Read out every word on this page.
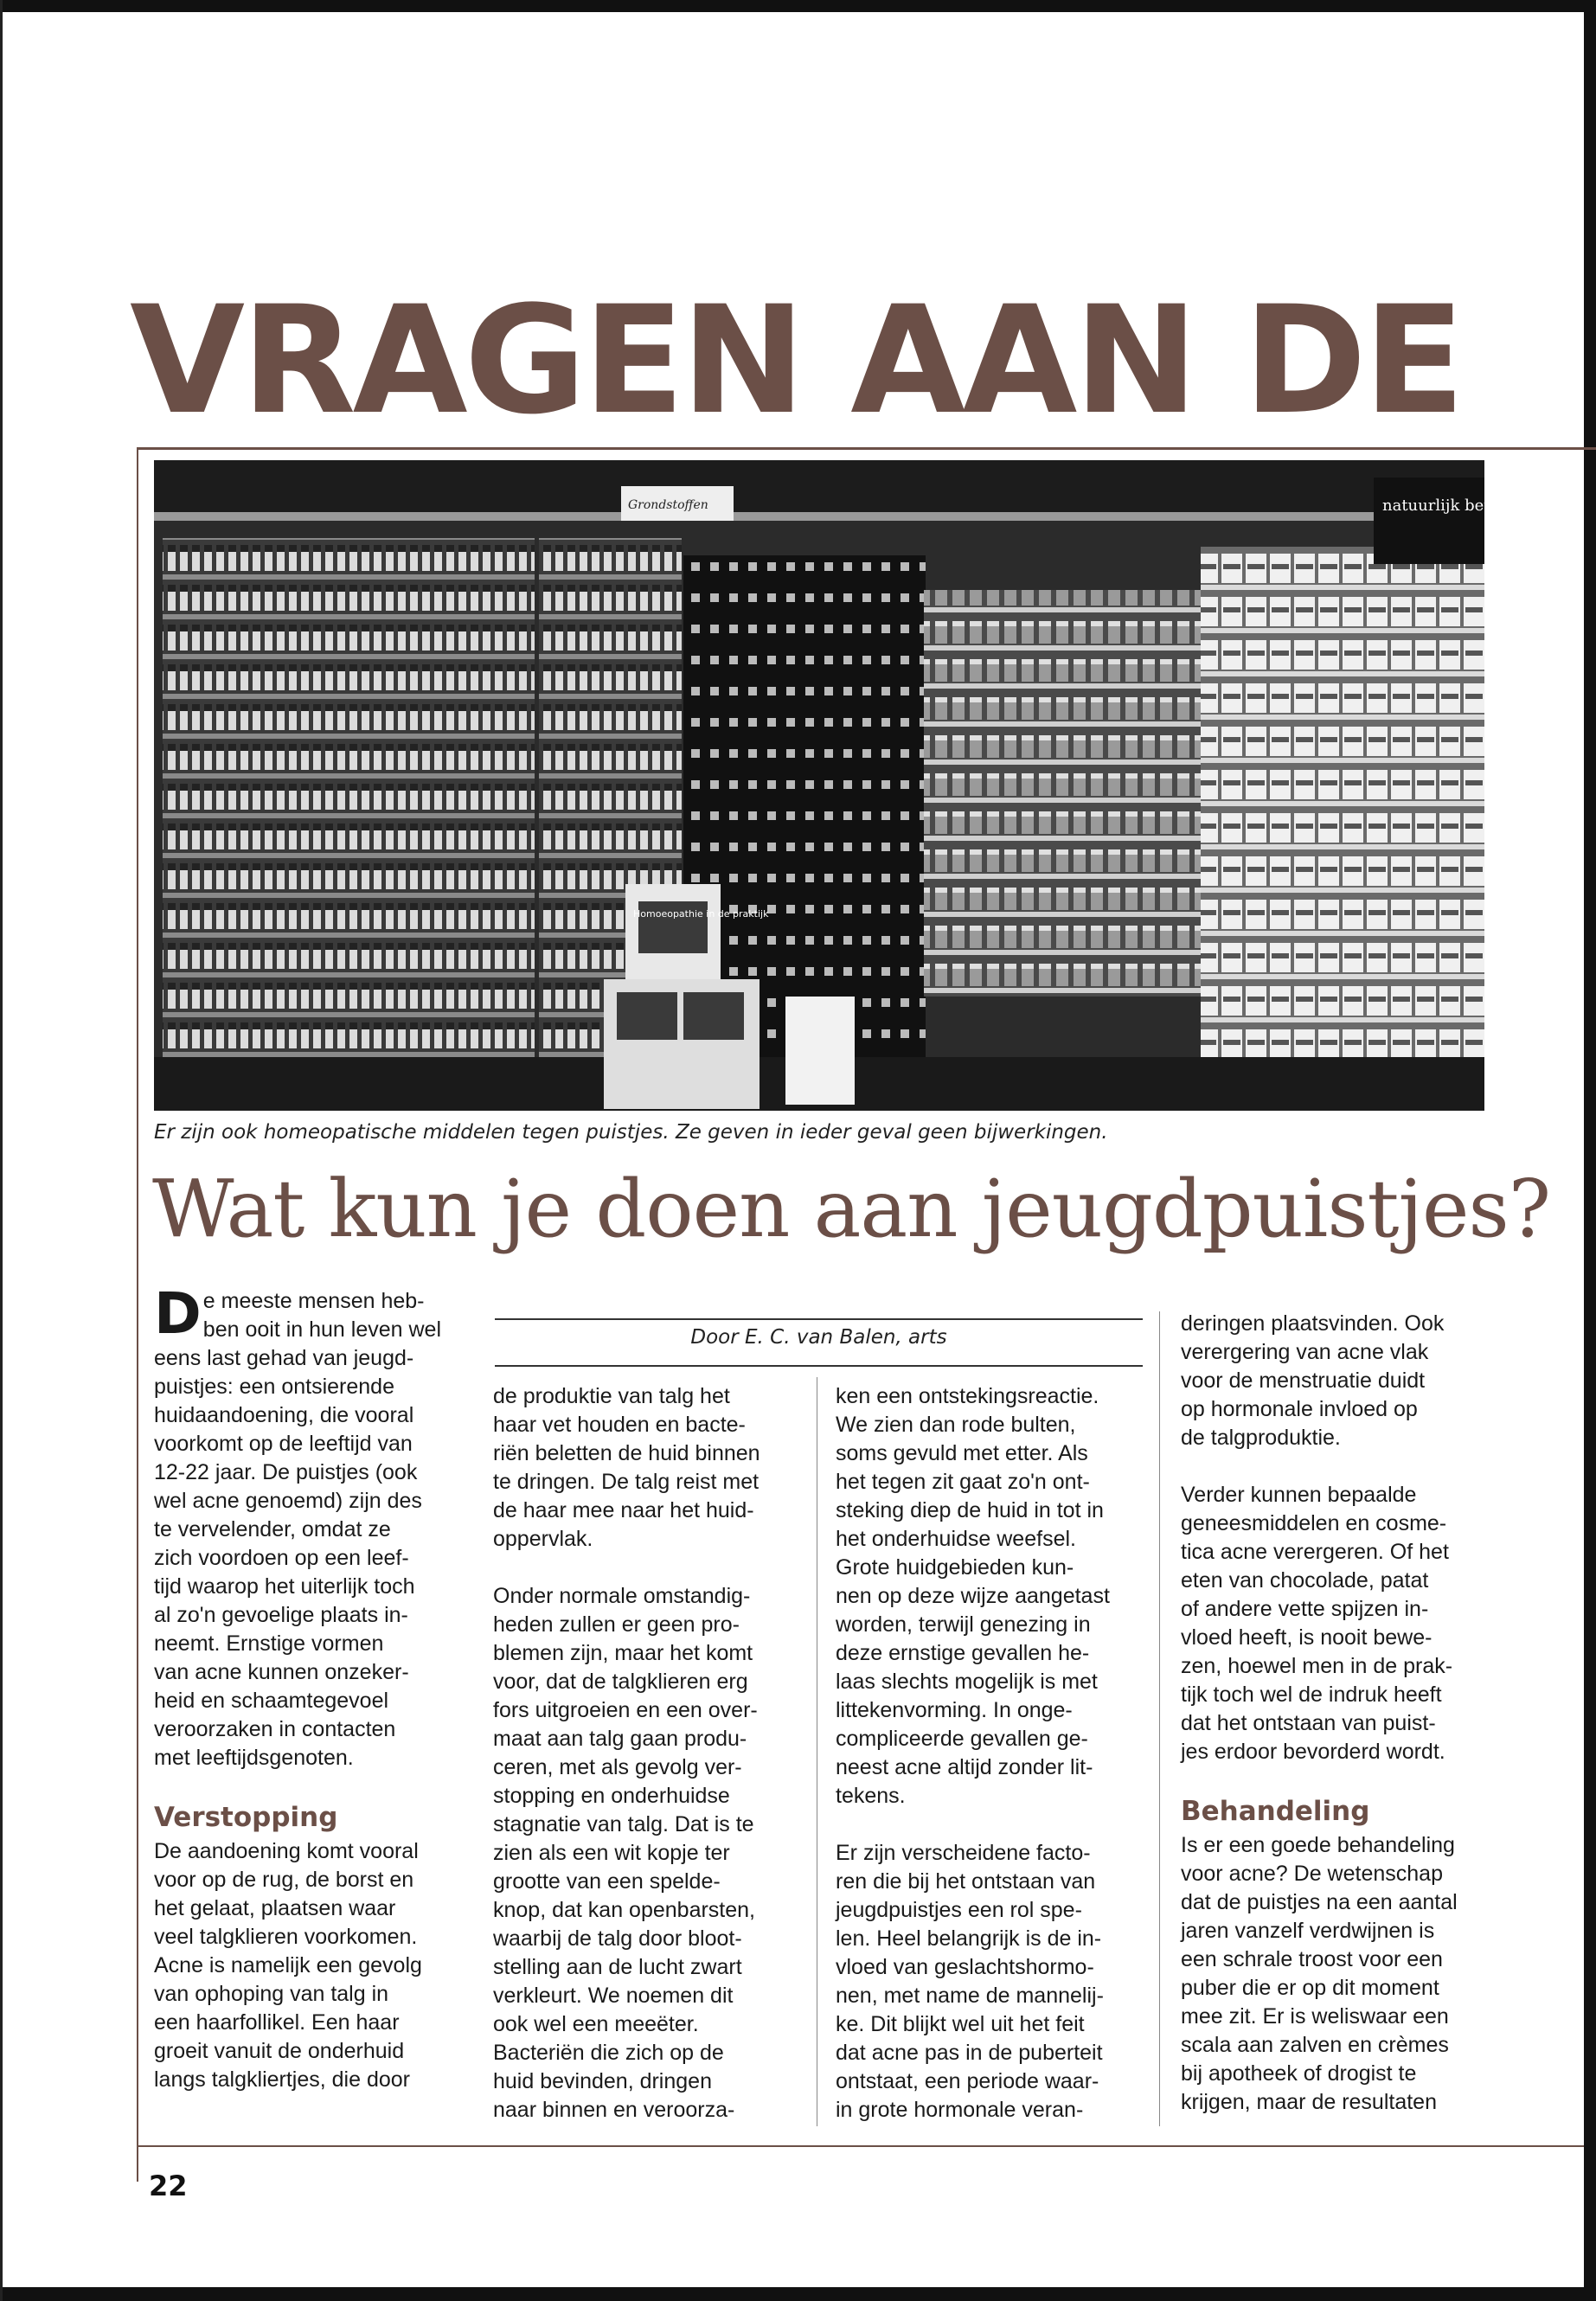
VRAGEN AAN DE
natuurlijk beter word
Homoeopathie in de praktijk
Grondstoffen
Er zijn ook homeopatische middelen tegen puistjes. Ze geven in ieder geval geen bijwerkingen.
Wat kun je doen aan jeugdpuistjes?
Door E. C. van Balen, arts
D e meeste mensen heb-
ben ooit in hun leven wel
eens last gehad van jeugd-
puistjes: een ontsierende
huidaandoening, die vooral
voorkomt op de leeftijd van
12-22 jaar. De puistjes (ook
wel acne genoemd) zijn des
te vervelender, omdat ze
zich voordoen op een leef-
tijd waarop het uiterlijk toch
al zo'n gevoelige plaats in-
neemt. Ernstige vormen
van acne kunnen onzeker-
heid en schaamtegevoel
veroorzaken in contacten
met leeftijdsgenoten.

Verstopping

De aandoening komt vooral
voor op de rug, de borst en
het gelaat, plaatsen waar
veel talgklieren voorkomen.
Acne is namelijk een gevolg
van ophoping van talg in
een haarfollikel. Een haar
groeit vanuit de onderhuid
langs talgkliertjes, die door

de produktie van talg het
haar vet houden en bacte-
riën beletten de huid binnen
te dringen. De talg reist met
de haar mee naar het huid-
oppervlak.

Onder normale omstandig-
heden zullen er geen pro-
blemen zijn, maar het komt
voor, dat de talgklieren erg
fors uitgroeien en een over-
maat aan talg gaan produ-
ceren, met als gevolg ver-
stopping en onderhuidse
stagnatie van talg. Dat is te
zien als een wit kopje ter
grootte van een spelde-
knop, dat kan openbarsten,
waarbij de talg door bloot-
stelling aan de lucht zwart
verkleurt. We noemen dit
ook wel een meeëter.
Bacteriën die zich op de
huid bevinden, dringen
naar binnen en veroorza-

ken een ontstekingsreactie.
We zien dan rode bulten,
soms gevuld met etter. Als
het tegen zit gaat zo'n ont-
steking diep de huid in tot in
het onderhuidse weefsel.
Grote huidgebieden kun-
nen op deze wijze aangetast
worden, terwijl genezing in
deze ernstige gevallen he-
laas slechts mogelijk is met
littekenvorming. In onge-
compliceerde gevallen ge-
neest acne altijd zonder lit-
tekens.

Er zijn verscheidene facto-
ren die bij het ontstaan van
jeugdpuistjes een rol spe-
len. Heel belangrijk is de in-
vloed van geslachtshormo-
nen, met name de mannelij-
ke. Dit blijkt wel uit het feit
dat acne pas in de puberteit
ontstaat, een periode waar-
in grote hormonale veran-

deringen plaatsvinden. Ook
verergering van acne vlak
voor de menstruatie duidt
op hormonale invloed op
de talgproduktie.

Verder kunnen bepaalde
geneesmiddelen en cosme-
tica acne verergeren. Of het
eten van chocolade, patat
of andere vette spijzen in-
vloed heeft, is nooit bewe-
zen, hoewel men in de prak-
tijk toch wel de indruk heeft
dat het ontstaan van puist-
jes erdoor bevorderd wordt.

Behandeling

Is er een goede behandeling
voor acne? De wetenschap
dat de puistjes na een aantal
jaren vanzelf verdwijnen is
een schrale troost voor een
puber die er op dit moment
mee zit. Er is weliswaar een
scala aan zalven en crèmes
bij apotheek of drogist te
krijgen, maar de resultaten

22
